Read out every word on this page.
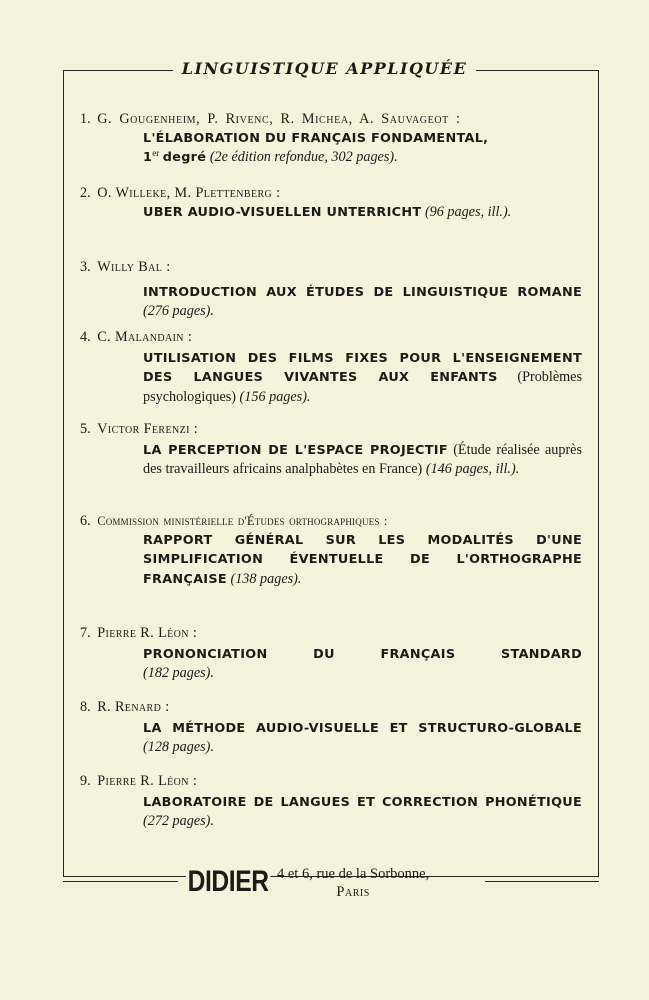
LINGUISTIQUE APPLIQUÉE
1. G. Gougenheim, P. Rivenc, R. Michea, A. Sauvageot :
L'ÉLABORATION DU FRANÇAIS FONDAMENTAL,
1er degré (2e édition refondue, 302 pages).
2. O. Willeke, M. Plettenberg :
UBER AUDIO-VISUELLEN UNTERRICHT (96 pages, ill.).
3. Willy Bal :
INTRODUCTION AUX ÉTUDES DE LINGUISTIQUE ROMANE (276 pages).
4. C. Malandain :
UTILISATION DES FILMS FIXES POUR L'ENSEIGNEMENT DES LANGUES VIVANTES AUX ENFANTS (Problèmes psychologiques) (156 pages).
5. Victor Ferenzi :
LA PERCEPTION DE L'ESPACE PROJECTIF (Étude réalisée auprès des travailleurs africains analphabètes en France) (146 pages, ill.).
6. Commission ministérielle d'Études orthographiques :
RAPPORT GÉNÉRAL SUR LES MODALITÉS D'UNE SIMPLIFICATION ÉVENTUELLE DE L'ORTHOGRAPHE FRANÇAISE (138 pages).
7. Pierre R. Léon :
PRONONCIATION DU FRANÇAIS STANDARD (182 pages).
8. R. Renard :
LA MÉTHODE AUDIO-VISUELLE ET STRUCTURO-GLOBALE (128 pages).
9. Pierre R. Léon :
LABORATOIRE DE LANGUES ET CORRECTION PHONÉTIQUE (272 pages).
DIDIER 4 et 6, rue de la Sorbonne,
Paris
